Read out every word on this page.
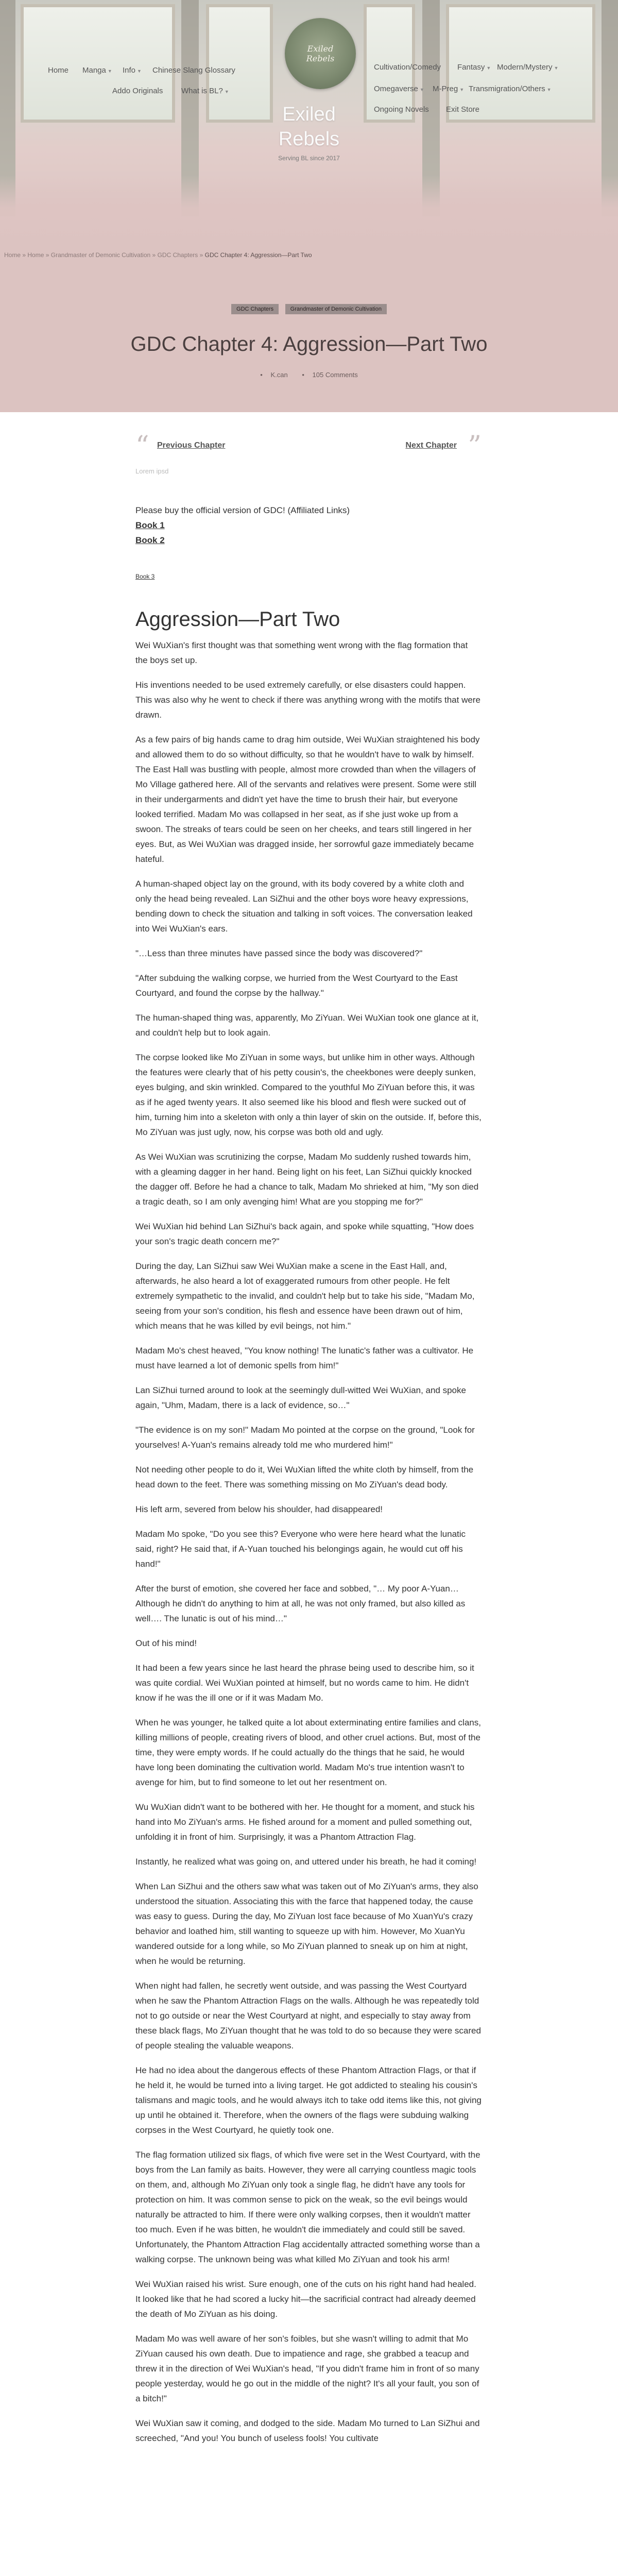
Exiled
Rebels
Home Manga ▼ Info ▼ Chinese Slang Glossary
Addo Originals What is BL? ▼
Cultivation/Comedy Fantasy ▼ Modern/Mystery ▼
Omegaverse ▼ M-Preg ▼ Transmigration/Others ▼
Ongoing Novels Exit Store
Exiled
Rebels
Serving BL since 2017
Home » Home » Grandmaster of Demonic Cultivation » GDC Chapters » GDC Chapter 4: Aggression—Part Two
GDC Chapters	Grandmaster of Demonic Cultivation
GDC Chapter 4: Aggression—Part Two
• K.can • 105 Comments
“ Previous Chapter
Lorem ipsd
Next Chapter ”

Please buy the official version of GDC! (Affiliated Links)

Book 1

Book 2

Book 3
Aggression—Part Two

Wei WuXian's first thought was that something went wrong with the flag formation that the boys set up.

His inventions needed to be used extremely carefully, or else disasters could happen. This was also why he went to check if there was anything wrong with the motifs that were drawn.

As a few pairs of big hands came to drag him outside, Wei WuXian straightened his body and allowed them to do so without difficulty, so that he wouldn't have to walk by himself. The East Hall was bustling with people, almost more crowded than when the villagers of Mo Village gathered here. All of the servants and relatives were present. Some were still in their undergarments and didn't yet have the time to brush their hair, but everyone looked terrified. Madam Mo was collapsed in her seat, as if she just woke up from a swoon. The streaks of tears could be seen on her cheeks, and tears still lingered in her eyes. But, as Wei WuXian was dragged inside, her sorrowful gaze immediately became hateful.

A human-shaped object lay on the ground, with its body covered by a white cloth and only the head being revealed. Lan SiZhui and the other boys wore heavy expressions, bending down to check the situation and talking in soft voices. The conversation leaked into Wei WuXian's ears.

"…Less than three minutes have passed since the body was discovered?"

"After subduing the walking corpse, we hurried from the West Courtyard to the East Courtyard, and found the corpse by the hallway."

The human-shaped thing was, apparently, Mo ZiYuan. Wei WuXian took one glance at it, and couldn't help but to look again.

The corpse looked like Mo ZiYuan in some ways, but unlike him in other ways. Although the features were clearly that of his petty cousin's, the cheekbones were deeply sunken, eyes bulging, and skin wrinkled. Compared to the youthful Mo ZiYuan before this, it was as if he aged twenty years. It also seemed like his blood and flesh were sucked out of him, turning him into a skeleton with only a thin layer of skin on the outside. If, before this, Mo ZiYuan was just ugly, now, his corpse was both old and ugly.

As Wei WuXian was scrutinizing the corpse, Madam Mo suddenly rushed towards him, with a gleaming dagger in her hand. Being light on his feet, Lan SiZhui quickly knocked the dagger off. Before he had a chance to talk, Madam Mo shrieked at him, "My son died a tragic death, so I am only avenging him! What are you stopping me for?"

Wei WuXian hid behind Lan SiZhui's back again, and spoke while squatting, "How does your son's tragic death concern me?"

During the day, Lan SiZhui saw Wei WuXian make a scene in the East Hall, and, afterwards, he also heard a lot of exaggerated rumours from other people. He felt extremely sympathetic to the invalid, and couldn't help but to take his side, "Madam Mo, seeing from your son's condition, his flesh and essence have been drawn out of him, which means that he was killed by evil beings, not him."

Madam Mo's chest heaved, "You know nothing! The lunatic's father was a cultivator. He must have learned a lot of demonic spells from him!"

Lan SiZhui turned around to look at the seemingly dull-witted Wei WuXian, and spoke again, "Uhm, Madam, there is a lack of evidence, so…"

"The evidence is on my son!" Madam Mo pointed at the corpse on the ground, "Look for yourselves! A-Yuan's remains already told me who murdered him!"

Not needing other people to do it, Wei WuXian lifted the white cloth by himself, from the head down to the feet. There was something missing on Mo ZiYuan's dead body.

His left arm, severed from below his shoulder, had disappeared!

Madam Mo spoke, "Do you see this? Everyone who were here heard what the lunatic said, right? He said that, if A-Yuan touched his belongings again, he would cut off his hand!"

After the burst of emotion, she covered her face and sobbed, "… My poor A-Yuan… Although he didn't do anything to him at all, he was not only framed, but also killed as well…. The lunatic is out of his mind…"

Out of his mind!

It had been a few years since he last heard the phrase being used to describe him, so it was quite cordial. Wei WuXian pointed at himself, but no words came to him. He didn't know if he was the ill one or if it was Madam Mo.

When he was younger, he talked quite a lot about exterminating entire families and clans, killing millions of people, creating rivers of blood, and other cruel actions. But, most of the time, they were empty words. If he could actually do the things that he said, he would have long been dominating the cultivation world. Madam Mo's true intention wasn't to avenge for him, but to find someone to let out her resentment on.

Wu WuXian didn't want to be bothered with her. He thought for a moment, and stuck his hand into Mo ZiYuan's arms. He fished around for a moment and pulled something out, unfolding it in front of him. Surprisingly, it was a Phantom Attraction Flag.

Instantly, he realized what was going on, and uttered under his breath, he had it coming!

When Lan SiZhui and the others saw what was taken out of Mo ZiYuan's arms, they also understood the situation. Associating this with the farce that happened today, the cause was easy to guess. During the day, Mo ZiYuan lost face because of Mo XuanYu's crazy behavior and loathed him, still wanting to squeeze up with him. However, Mo XuanYu wandered outside for a long while, so Mo ZiYuan planned to sneak up on him at night, when he would be returning.

When night had fallen, he secretly went outside, and was passing the West Courtyard when he saw the Phantom Attraction Flags on the walls. Although he was repeatedly told not to go outside or near the West Courtyard at night, and especially to stay away from these black flags, Mo ZiYuan thought that he was told to do so because they were scared of people stealing the valuable weapons.

He had no idea about the dangerous effects of these Phantom Attraction Flags, or that if he held it, he would be turned into a living target. He got addicted to stealing his cousin's talismans and magic tools, and he would always itch to take odd items like this, not giving up until he obtained it. Therefore, when the owners of the flags were subduing walking corpses in the West Courtyard, he quietly took one.

The flag formation utilized six flags, of which five were set in the West Courtyard, with the boys from the Lan family as baits. However, they were all carrying countless magic tools on them, and, although Mo ZiYuan only took a single flag, he didn't have any tools for protection on him. It was common sense to pick on the weak, so the evil beings would naturally be attracted to him. If there were only walking corpses, then it wouldn't matter too much. Even if he was bitten, he wouldn't die immediately and could still be saved. Unfortunately, the Phantom Attraction Flag accidentally attracted something worse than a walking corpse. The unknown being was what killed Mo ZiYuan and took his arm!

Wei WuXian raised his wrist. Sure enough, one of the cuts on his right hand had healed. It looked like that he had scored a lucky hit—the sacrificial contract had already deemed the death of Mo ZiYuan as his doing.

Madam Mo was well aware of her son's foibles, but she wasn't willing to admit that Mo ZiYuan caused his own death. Due to impatience and rage, she grabbed a teacup and threw it in the direction of Wei WuXian's head, "If you didn't frame him in front of so many people yesterday, would he go out in the middle of the night? It's all your fault, you son of a bitch!"

Wei WuXian saw it coming, and dodged to the side. Madam Mo turned to Lan SiZhui and screeched, "And you! You bunch of useless fools! You cultivate
